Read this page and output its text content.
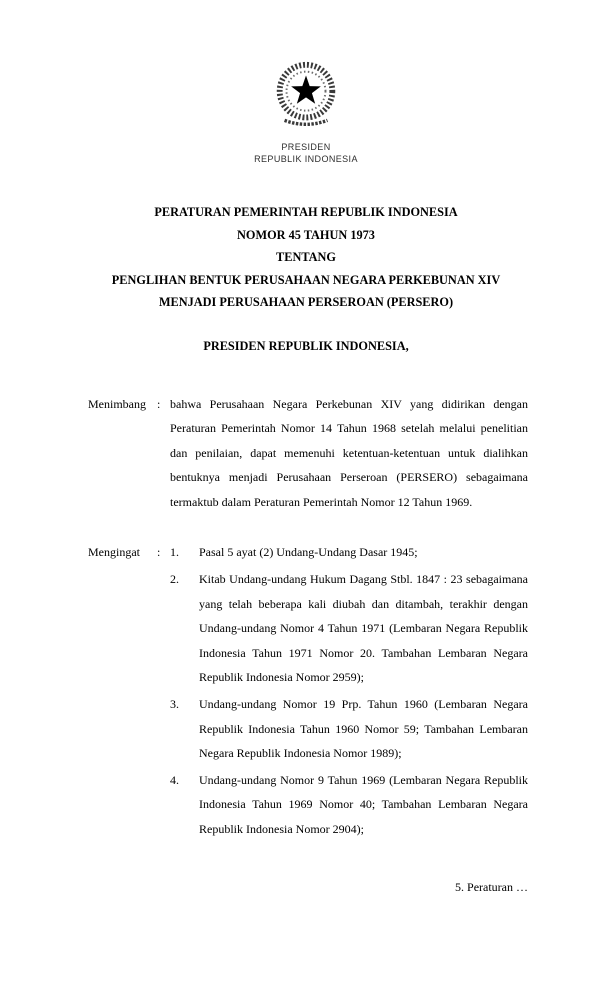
PRESIDEN
REPUBLIK INDONESIA
PERATURAN PEMERINTAH REPUBLIK INDONESIA
NOMOR 45 TAHUN 1973
TENTANG
PENGLIHAN BENTUK PERUSAHAAN NEGARA PERKEBUNAN XIV
MENJADI PERUSAHAAN PERSEROAN (PERSERO)
PRESIDEN REPUBLIK INDONESIA,
Menimbang : bahwa Perusahaan Negara Perkebunan XIV yang didirikan dengan Peraturan Pemerintah Nomor 14 Tahun 1968 setelah melalui penelitian dan penilaian, dapat memenuhi ketentuan-ketentuan untuk dialihkan bentuknya menjadi Perusahaan Perseroan (PERSERO) sebagaimana termaktub dalam Peraturan Pemerintah Nomor 12 Tahun 1969.
Mengingat	: 1.	Pasal 5 ayat (2) Undang-Undang Dasar 1945;
2.	Kitab Undang-undang Hukum Dagang Stbl. 1847 : 23 sebagaimana yang telah beberapa kali diubah dan ditambah, terakhir dengan Undang-undang Nomor 4 Tahun 1971 (Lembaran Negara Republik Indonesia Tahun 1971 Nomor 20. Tambahan Lembaran Negara Republik Indonesia Nomor 2959);
3.	Undang-undang Nomor 19 Prp. Tahun 1960 (Lembaran Negara Republik Indonesia Tahun 1960 Nomor 59; Tambahan Lembaran Negara Republik Indonesia Nomor 1989);
4.	Undang-undang Nomor 9 Tahun 1969 (Lembaran Negara Republik Indonesia Tahun 1969 Nomor 40; Tambahan Lembaran Negara Republik Indonesia Nomor 2904);
5. Peraturan …
